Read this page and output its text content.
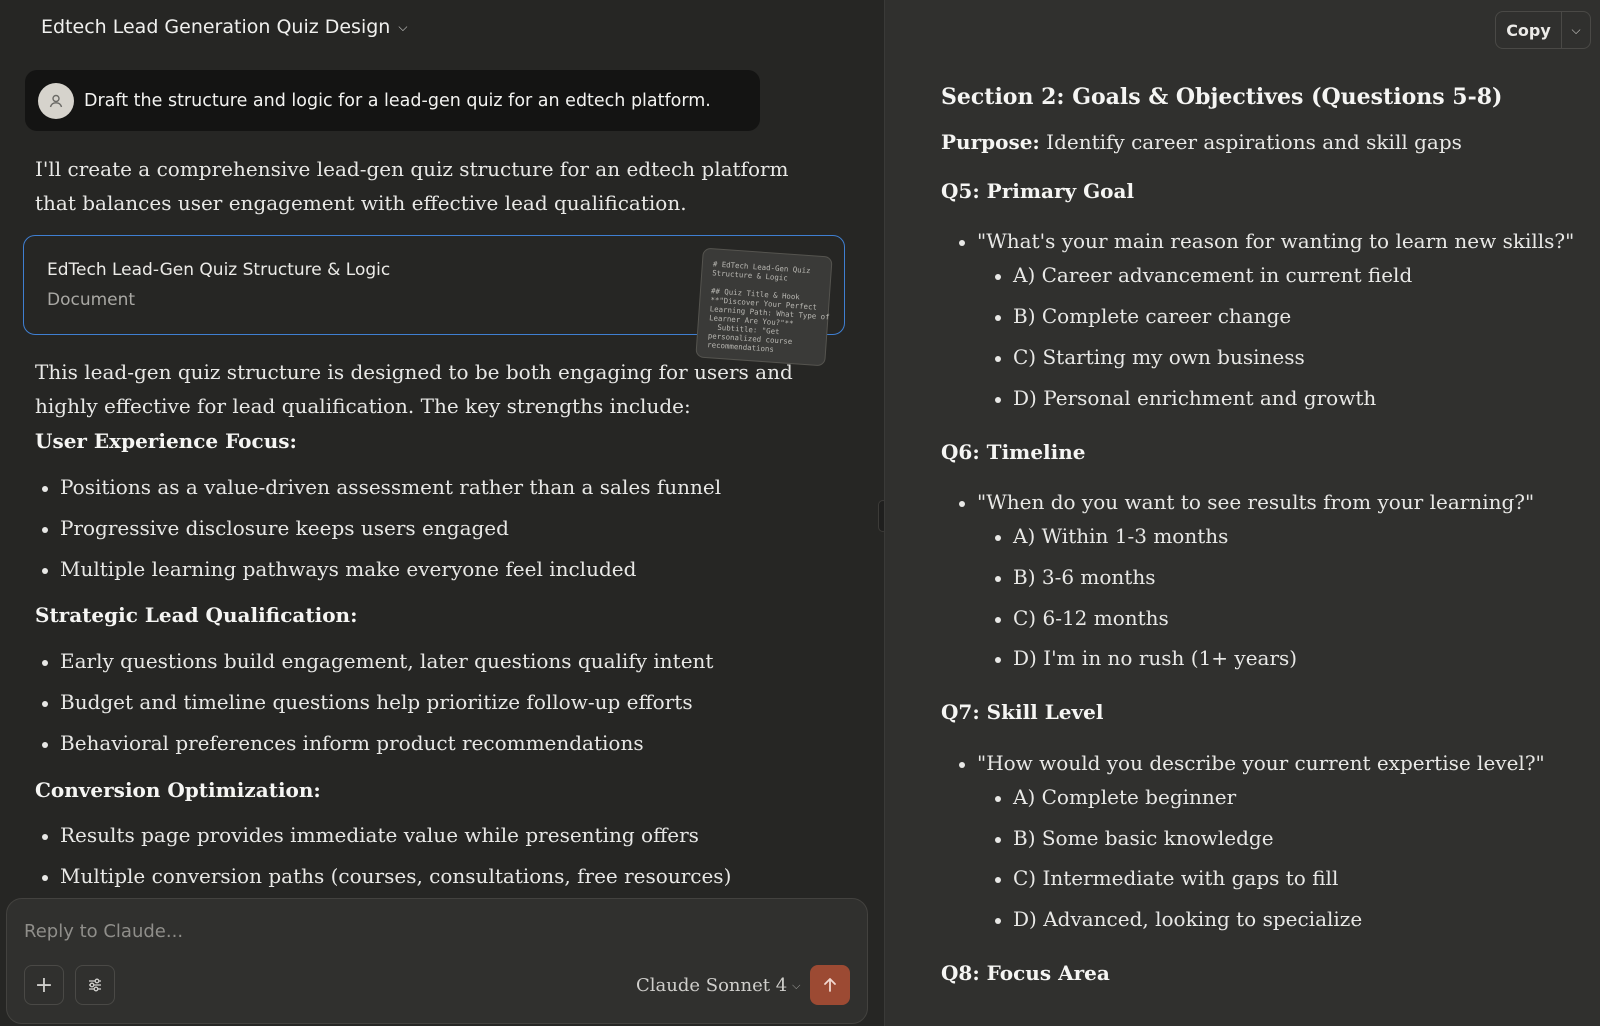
Edtech Lead Generation Quiz Design ⌵
Draft the structure and logic for a lead-gen quiz for an edtech platform.

I'll create a comprehensive lead-gen quiz structure for an edtech platform that balances user engagement with effective lead qualification.

EdTech Lead-Gen Quiz Structure & Logic
Document
# EdTech Lead-Gen Quiz
Structure & Logic

## Quiz Title & Hook
**"Discover Your Perfect
Learning Path: What Type of
Learner Are You?"**
Subtitle: "Get
personalized course
recommendations

This lead-gen quiz structure is designed to be both engaging for users and highly effective for lead qualification. The key strengths include:

User Experience Focus:
Positions as a value-driven assessment rather than a sales funnel
Progressive disclosure keeps users engaged
Multiple learning pathways make everyone feel included
Strategic Lead Qualification:
Early questions build engagement, later questions qualify intent
Budget and timeline questions help prioritize follow-up efforts
Behavioral preferences inform product recommendations
Conversion Optimization:
Results page provides immediate value while presenting offers
Multiple conversion paths (courses, consultations, free resources)
Reply to Claude...
+	Claude Sonnet 4 ⌵
Copy	⌵
Section 2: Goals & Objectives (Questions 5-8)
Purpose: Identify career aspirations and skill gaps
Q5: Primary Goal
"What's your main reason for wanting to learn new skills?"
A) Career advancement in current field
B) Complete career change
C) Starting my own business
D) Personal enrichment and growth
Q6: Timeline
"When do you want to see results from your learning?"
A) Within 1-3 months
B) 3-6 months
C) 6-12 months
D) I'm in no rush (1+ years)
Q7: Skill Level
"How would you describe your current expertise level?"
A) Complete beginner
B) Some basic knowledge
C) Intermediate with gaps to fill
D) Advanced, looking to specialize
Q8: Focus Area
